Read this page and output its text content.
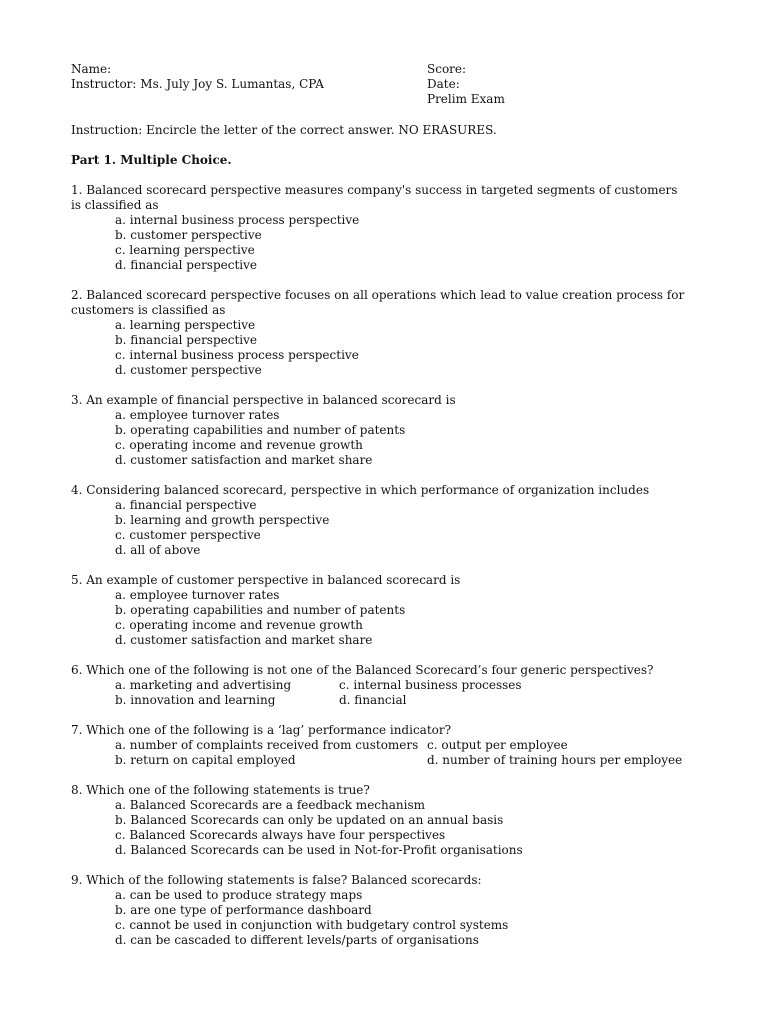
Name:
Instructor: Ms. July Joy S. Lumantas, CPA
Score:
Date:
Prelim Exam
Instruction: Encircle the letter of the correct answer. NO ERASURES.
Part 1. Multiple Choice.
1. Balanced scorecard perspective measures company's success in targeted segments of customers is classified as
a. internal business process perspective
b. customer perspective
c. learning perspective
d. financial perspective
2. Balanced scorecard perspective focuses on all operations which lead to value creation process for customers is classified as
a. learning perspective
b. financial perspective
c. internal business process perspective
d. customer perspective
3. An example of financial perspective in balanced scorecard is
a. employee turnover rates
b. operating capabilities and number of patents
c. operating income and revenue growth
d. customer satisfaction and market share
4. Considering balanced scorecard, perspective in which performance of organization includes
a. financial perspective
b. learning and growth perspective
c. customer perspective
d. all of above
5. An example of customer perspective in balanced scorecard is
a. employee turnover rates
b. operating capabilities and number of patents
c. operating income and revenue growth
d. customer satisfaction and market share
6. Which one of the following is not one of the Balanced Scorecard’s four generic perspectives?
a. marketing and advertising	c. internal business processes
b. innovation and learning	d. financial
7. Which one of the following is a ‘lag’ performance indicator?
a. number of complaints received from customers c. output per employee
b. return on capital employed	d. number of training hours per employee
8. Which one of the following statements is true?
a. Balanced Scorecards are a feedback mechanism
b. Balanced Scorecards can only be updated on an annual basis
c. Balanced Scorecards always have four perspectives
d. Balanced Scorecards can be used in Not-for-Profit organisations
9. Which of the following statements is false? Balanced scorecards:
a. can be used to produce strategy maps
b. are one type of performance dashboard
c. cannot be used in conjunction with budgetary control systems
d. can be cascaded to different levels/parts of organisations
